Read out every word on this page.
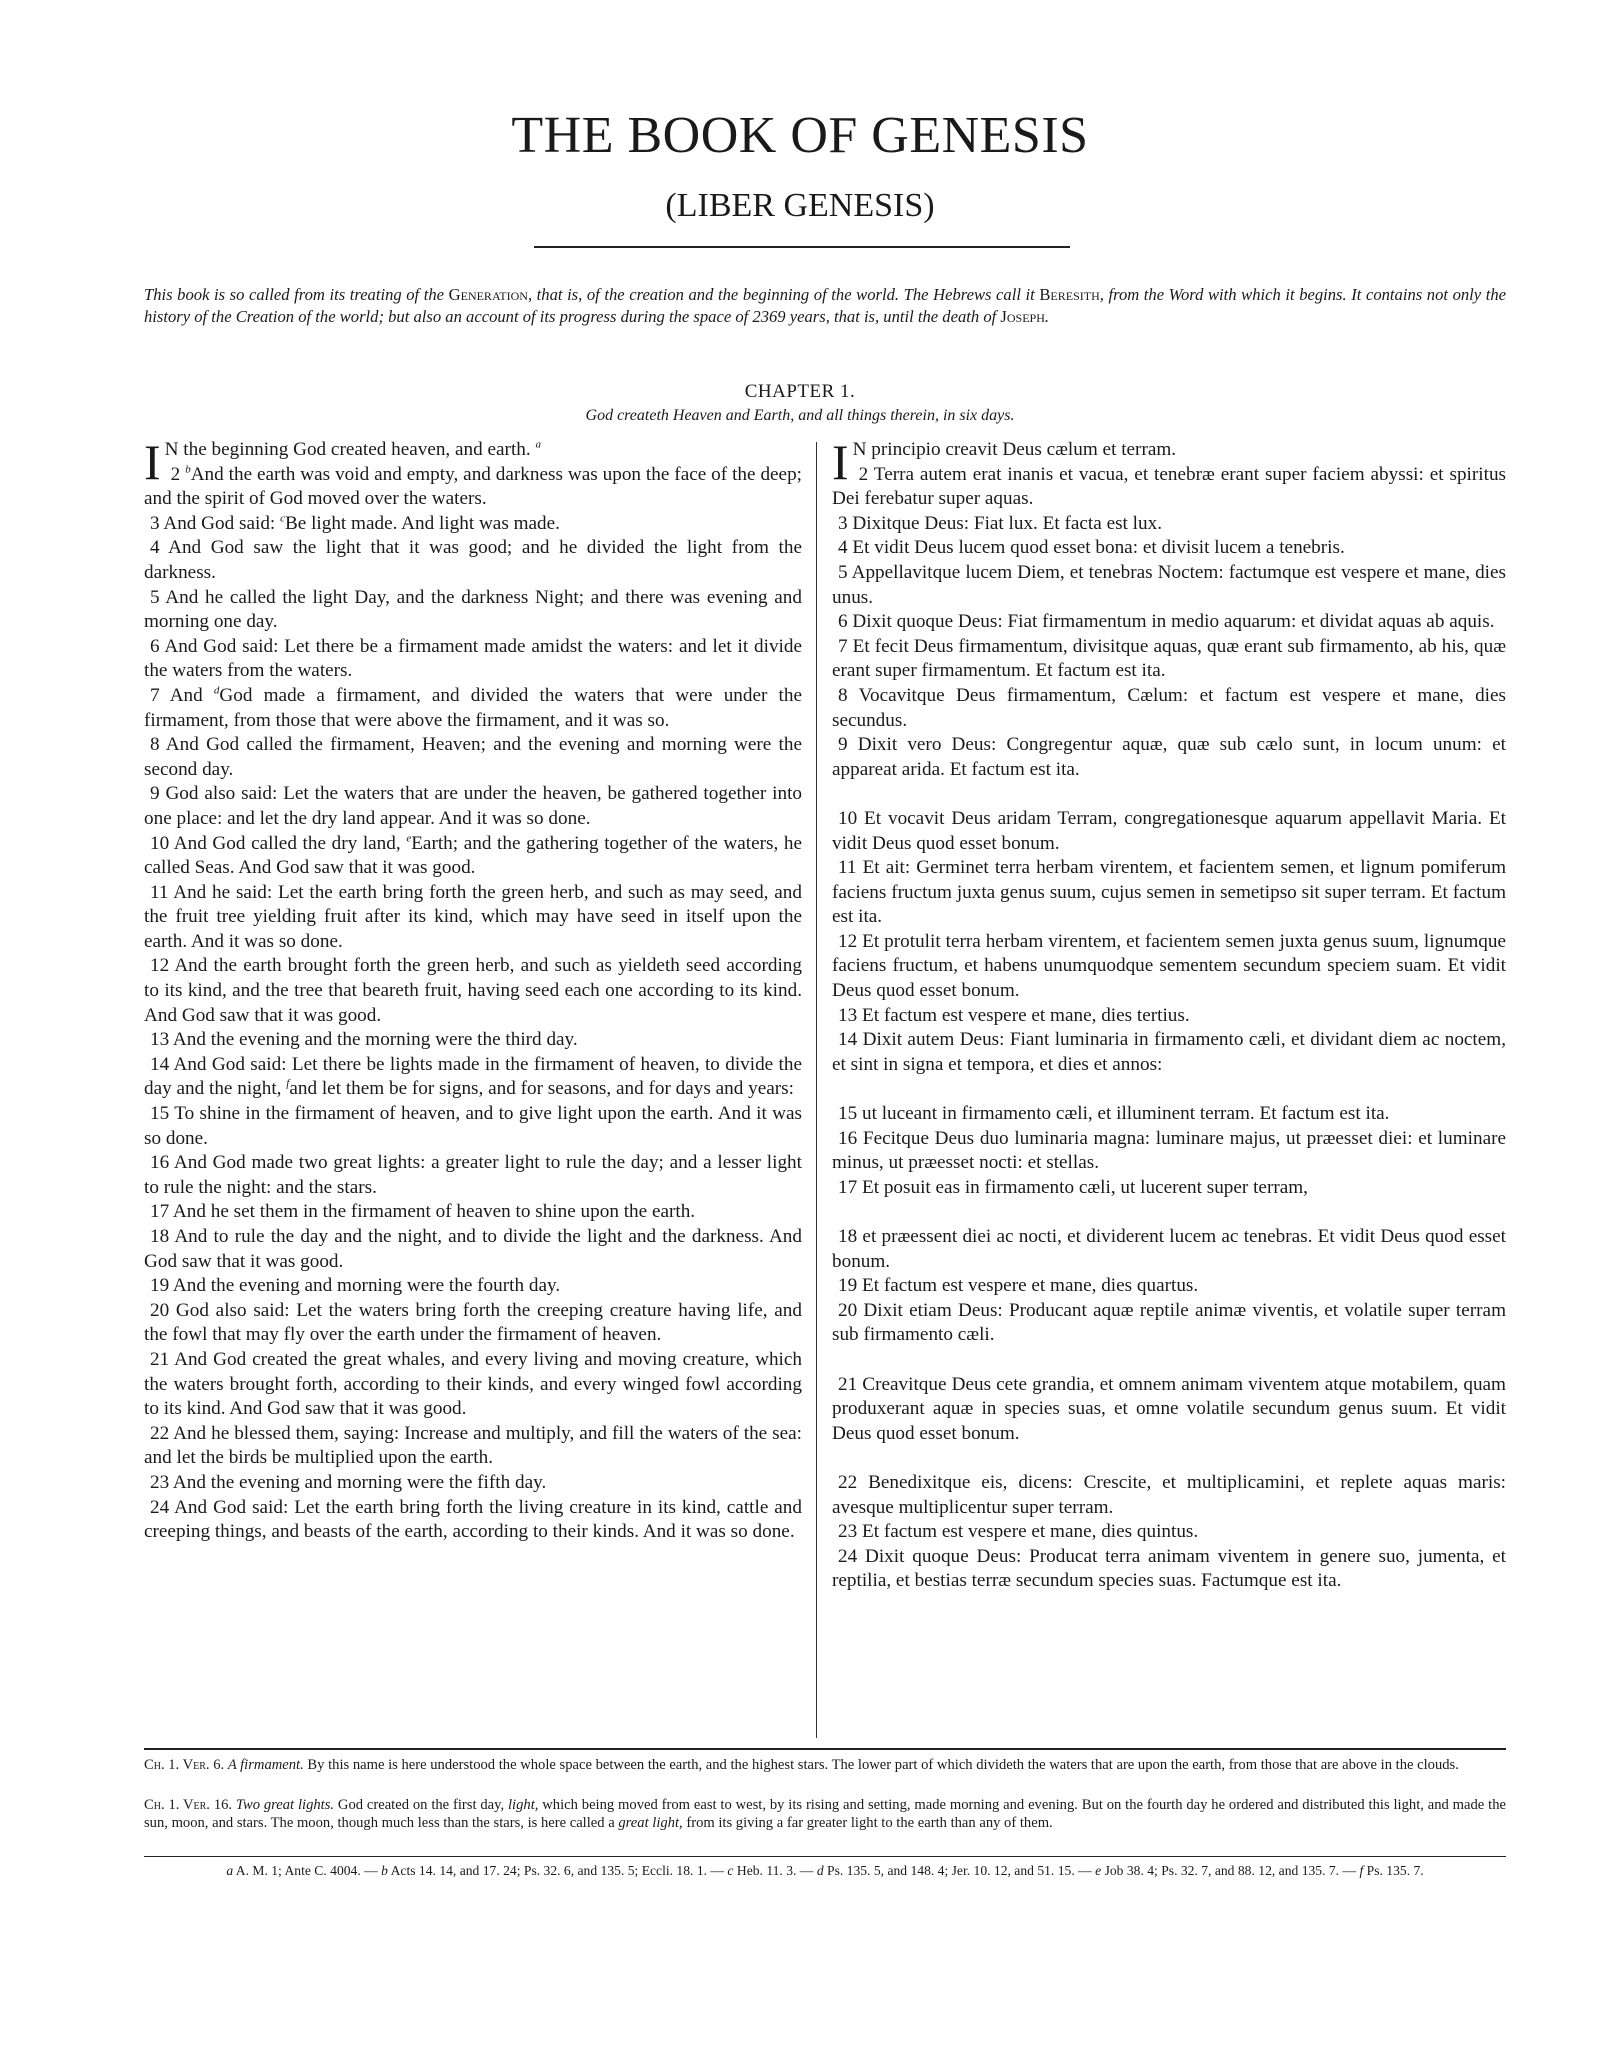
THE BOOK OF GENESIS
(LIBER GENESIS)
This book is so called from its treating of the Generation, that is, of the creation and the beginning of the world. The Hebrews call it Beresith, from the Word with which it begins. It contains not only the history of the Creation of the world; but also an account of its progress during the space of 2369 years, that is, until the death of Joseph.
CHAPTER 1.
God createth Heaven and Earth, and all things therein, in six days.

I N the beginning God created heaven, and earth. $^a$

2 $^b$And the earth was void and empty, and darkness was upon the face of the deep; and the spirit of God moved over the waters.

3 And God said: $^c$Be light made. And light was made.

4 And God saw the light that it was good; and he divided the light from the darkness.

5 And he called the light Day, and the darkness Night; and there was evening and morning one day.

6 And God said: Let there be a firmament made amidst the waters: and let it divide the waters from the waters.

7 And $^d$God made a firmament, and divided the waters that were under the firmament, from those that were above the firmament, and it was so.

8 And God called the firmament, Heaven; and the evening and morning were the second day.

9 God also said: Let the waters that are under the heaven, be gathered together into one place: and let the dry land appear. And it was so done.

10 And God called the dry land, $^e$Earth; and the gathering together of the waters, he called Seas. And God saw that it was good.

11 And he said: Let the earth bring forth the green herb, and such as may seed, and the fruit tree yielding fruit after its kind, which may have seed in itself upon the earth. And it was so done.

12 And the earth brought forth the green herb, and such as yieldeth seed according to its kind, and the tree that beareth fruit, having seed each one according to its kind. And God saw that it was good.

13 And the evening and the morning were the third day.

14 And God said: Let there be lights made in the firmament of heaven, to divide the day and the night, $^f$and let them be for signs, and for seasons, and for days and years:

15 To shine in the firmament of heaven, and to give light upon the earth. And it was so done.

16 And God made two great lights: a greater light to rule the day; and a lesser light to rule the night: and the stars.

17 And he set them in the firmament of heaven to shine upon the earth.

18 And to rule the day and the night, and to divide the light and the darkness. And God saw that it was good.

19 And the evening and morning were the fourth day.

20 God also said: Let the waters bring forth the creeping creature having life, and the fowl that may fly over the earth under the firmament of heaven.

21 And God created the great whales, and every living and moving creature, which the waters brought forth, according to their kinds, and every winged fowl according to its kind. And God saw that it was good.

22 And he blessed them, saying: Increase and multiply, and fill the waters of the sea: and let the birds be multiplied upon the earth.

23 And the evening and morning were the fifth day.

24 And God said: Let the earth bring forth the living creature in its kind, cattle and creeping things, and beasts of the earth, according to their kinds. And it was so done.

I N principio creavit Deus cælum et terram.

2 Terra autem erat inanis et vacua, et tenebræ erant super faciem abyssi: et spiritus Dei ferebatur super aquas.

3 Dixitque Deus: Fiat lux. Et facta est lux.

4 Et vidit Deus lucem quod esset bona: et divisit lucem a tenebris.

5 Appellavitque lucem Diem, et tenebras Noctem: factumque est vespere et mane, dies unus.

6 Dixit quoque Deus: Fiat firmamentum in medio aquarum: et dividat aquas ab aquis.

7 Et fecit Deus firmamentum, divisitque aquas, quæ erant sub firmamento, ab his, quæ erant super firmamentum. Et factum est ita.

8 Vocavitque Deus firmamentum, Cælum: et factum est vespere et mane, dies secundus.

9 Dixit vero Deus: Congregentur aquæ, quæ sub cælo sunt, in locum unum: et appareat arida. Et factum est ita.

10 Et vocavit Deus aridam Terram, congregationesque aquarum appellavit Maria. Et vidit Deus quod esset bonum.

11 Et ait: Germinet terra herbam virentem, et facientem semen, et lignum pomiferum faciens fructum juxta genus suum, cujus semen in semetipso sit super terram. Et factum est ita.

12 Et protulit terra herbam virentem, et facientem semen juxta genus suum, lignumque faciens fructum, et habens unumquodque sementem secundum speciem suam. Et vidit Deus quod esset bonum.

13 Et factum est vespere et mane, dies tertius.

14 Dixit autem Deus: Fiant luminaria in firmamento cæli, et dividant diem ac noctem, et sint in signa et tempora, et dies et annos:

15 ut luceant in firmamento cæli, et illuminent terram. Et factum est ita.

16 Fecitque Deus duo luminaria magna: luminare majus, ut præesset diei: et luminare minus, ut præesset nocti: et stellas.

17 Et posuit eas in firmamento cæli, ut lucerent super terram,

18 et præessent diei ac nocti, et dividerent lucem ac tenebras. Et vidit Deus quod esset bonum.

19 Et factum est vespere et mane, dies quartus.

20 Dixit etiam Deus: Producant aquæ reptile animæ viventis, et volatile super terram sub firmamento cæli.

21 Creavitque Deus cete grandia, et omnem animam viventem atque motabilem, quam produxerant aquæ in species suas, et omne volatile secundum genus suum. Et vidit Deus quod esset bonum.

22 Benedixitque eis, dicens: Crescite, et multiplicamini, et replete aquas maris: avesque multiplicentur super terram.

23 Et factum est vespere et mane, dies quintus.

24 Dixit quoque Deus: Producat terra animam viventem in genere suo, jumenta, et reptilia, et bestias terræ secundum species suas. Factumque est ita.

Ch. 1. Ver. 6. A firmament. By this name is here understood the whole space between the earth, and the highest stars. The lower part of which divideth the waters that are upon the earth, from those that are above in the clouds.
Ch. 1. Ver. 16. Two great lights. God created on the first day, light, which being moved from east to west, by its rising and setting, made morning and evening. But on the fourth day he ordered and distributed this light, and made the sun, moon, and stars. The moon, though much less than the stars, is here called a great light, from its giving a far greater light to the earth than any of them.
a A. M. 1; Ante C. 4004. — b Acts 14. 14, and 17. 24; Ps. 32. 6, and 135. 5; Eccli. 18. 1. — c Heb. 11. 3. — d Ps. 135. 5, and 148. 4; Jer. 10. 12, and 51. 15. — e Job 38. 4; Ps. 32. 7, and 88. 12, and 135. 7. — f Ps. 135. 7.
